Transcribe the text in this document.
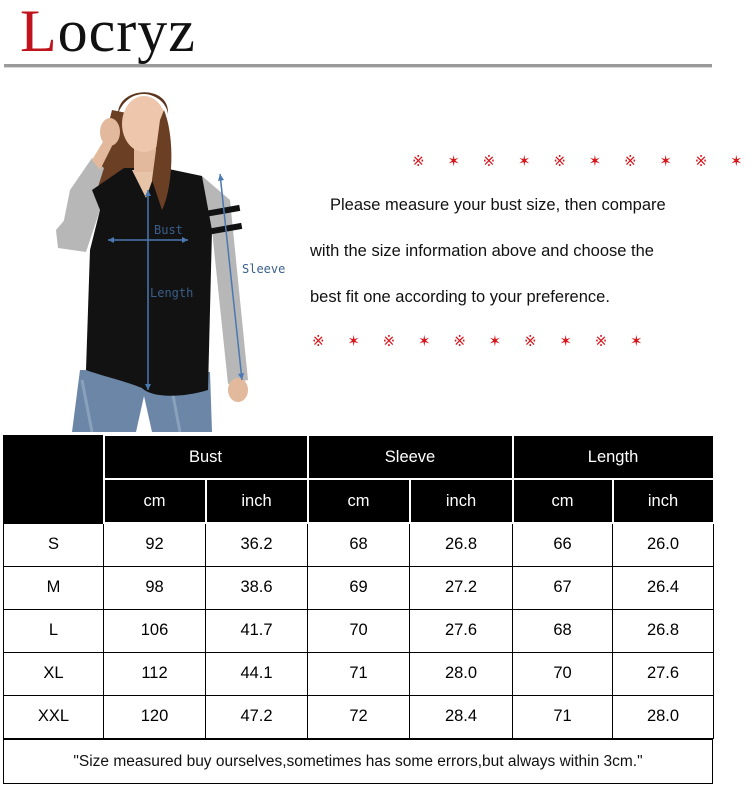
Locryz
Bust
Length
Sleeve
※ ✶ ※ ✶ ※ ✶ ※ ✶ ※ ✶
Please measure your bust size, then compare
with the size information above and choose the
best fit one according to your preference.
※ ✶ ※ ✶ ※ ✶ ※ ✶ ※ ✶
	Bust		Sleeve		Length	
	cm	inch	cm	inch	cm	inch
S	92	36.2	68	26.8	66	26.0
M	98	38.6	69	27.2	67	26.4
L	106	41.7	70	27.6	68	26.8
XL	112	44.1	71	28.0	70	27.6
XXL	120	47.2	72	28.4	71	28.0
"Size measured buy ourselves,sometimes has some errors,but always within 3cm."
